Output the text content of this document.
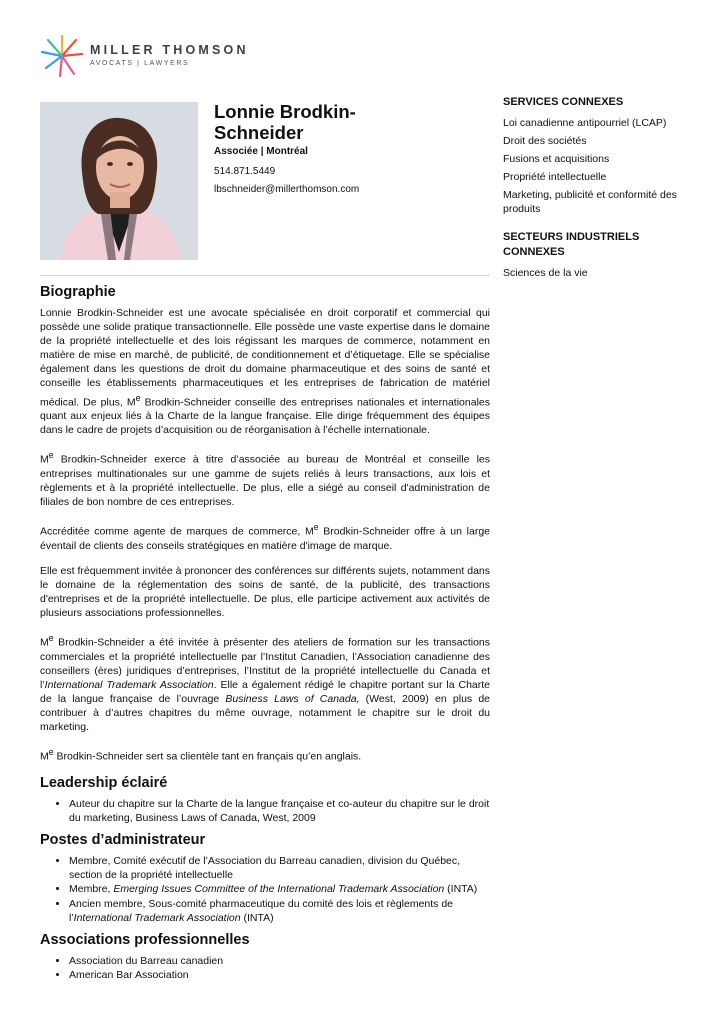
MILLER THOMSON
AVOCATS | LAWYERS
Lonnie Brodkin-Schneider
Associée | Montréal
514.871.5449
lbschneider@millerthomson.com
Biographie

Lonnie Brodkin-Schneider est une avocate spécialisée en droit corporatif et commercial qui possède une solide pratique transactionnelle. Elle possède une vaste expertise dans le domaine de la propriété intellectuelle et des lois régissant les marques de commerce, notamment en matière de mise en marché, de publicité, de conditionnement et d’étiquetage. Elle se spécialise également dans les questions de droit du domaine pharmaceutique et des soins de santé et conseille les établissements pharmaceutiques et les entreprises de fabrication de matériel médical. De plus, Me Brodkin-Schneider conseille des entreprises nationales et internationales quant aux enjeux liés à la Charte de la langue française. Elle dirige fréquemment des équipes dans le cadre de projets d’acquisition ou de réorganisation à l’échelle internationale.

Me Brodkin-Schneider exerce à titre d’associée au bureau de Montréal et conseille les entreprises multinationales sur une gamme de sujets reliés à leurs transactions, aux lois et règlements et à la propriété intellectuelle. De plus, elle a siégé au conseil d'administration de filiales de bon nombre de ces entreprises.

Accréditée comme agente de marques de commerce, Me Brodkin-Schneider offre à un large éventail de clients des conseils stratégiques en matière d'image de marque.

Elle est fréquemment invitée à prononcer des conférences sur différents sujets, notamment dans le domaine de la réglementation des soins de santé, de la publicité, des transactions d'entreprises et de la propriété intellectuelle. De plus, elle participe activement aux activités de plusieurs associations professionnelles.

Me Brodkin-Schneider a été invitée à présenter des ateliers de formation sur les transactions commerciales et la propriété intellectuelle par l’Institut Canadien, l’Association canadienne des conseillers (ères) juridiques d’entreprises, l’Institut de la propriété intellectuelle du Canada et l’International Trademark Association. Elle a également rédigé le chapitre portant sur la Charte de la langue française de l’ouvrage Business Laws of Canada, (West, 2009) en plus de contribuer à d’autres chapitres du même ouvrage, notamment le chapitre sur le droit du marketing.

Me Brodkin-Schneider sert sa clientèle tant en français qu’en anglais.

Leadership éclairé
• Auteur du chapitre sur la Charte de la langue française et co-auteur du chapitre sur le droit du marketing, Business Laws of Canada, West, 2009
Postes d’administrateur
• Membre, Comité exécutif de l’Association du Barreau canadien, division du Québec, section de la propriété intellectuelle
• Membre, Emerging Issues Committee of the International Trademark Association (INTA)
• Ancien membre, Sous-comité pharmaceutique du comité des lois et règlements de l’International Trademark Association (INTA)
Associations professionnelles
• Association du Barreau canadien
• American Bar Association
SERVICES CONNEXES
Loi canadienne antipourriel (LCAP)
Droit des sociétés
Fusions et acquisitions
Propriété intellectuelle
Marketing, publicité et conformité des produits
SECTEURS INDUSTRIELS CONNEXES
Sciences de la vie
